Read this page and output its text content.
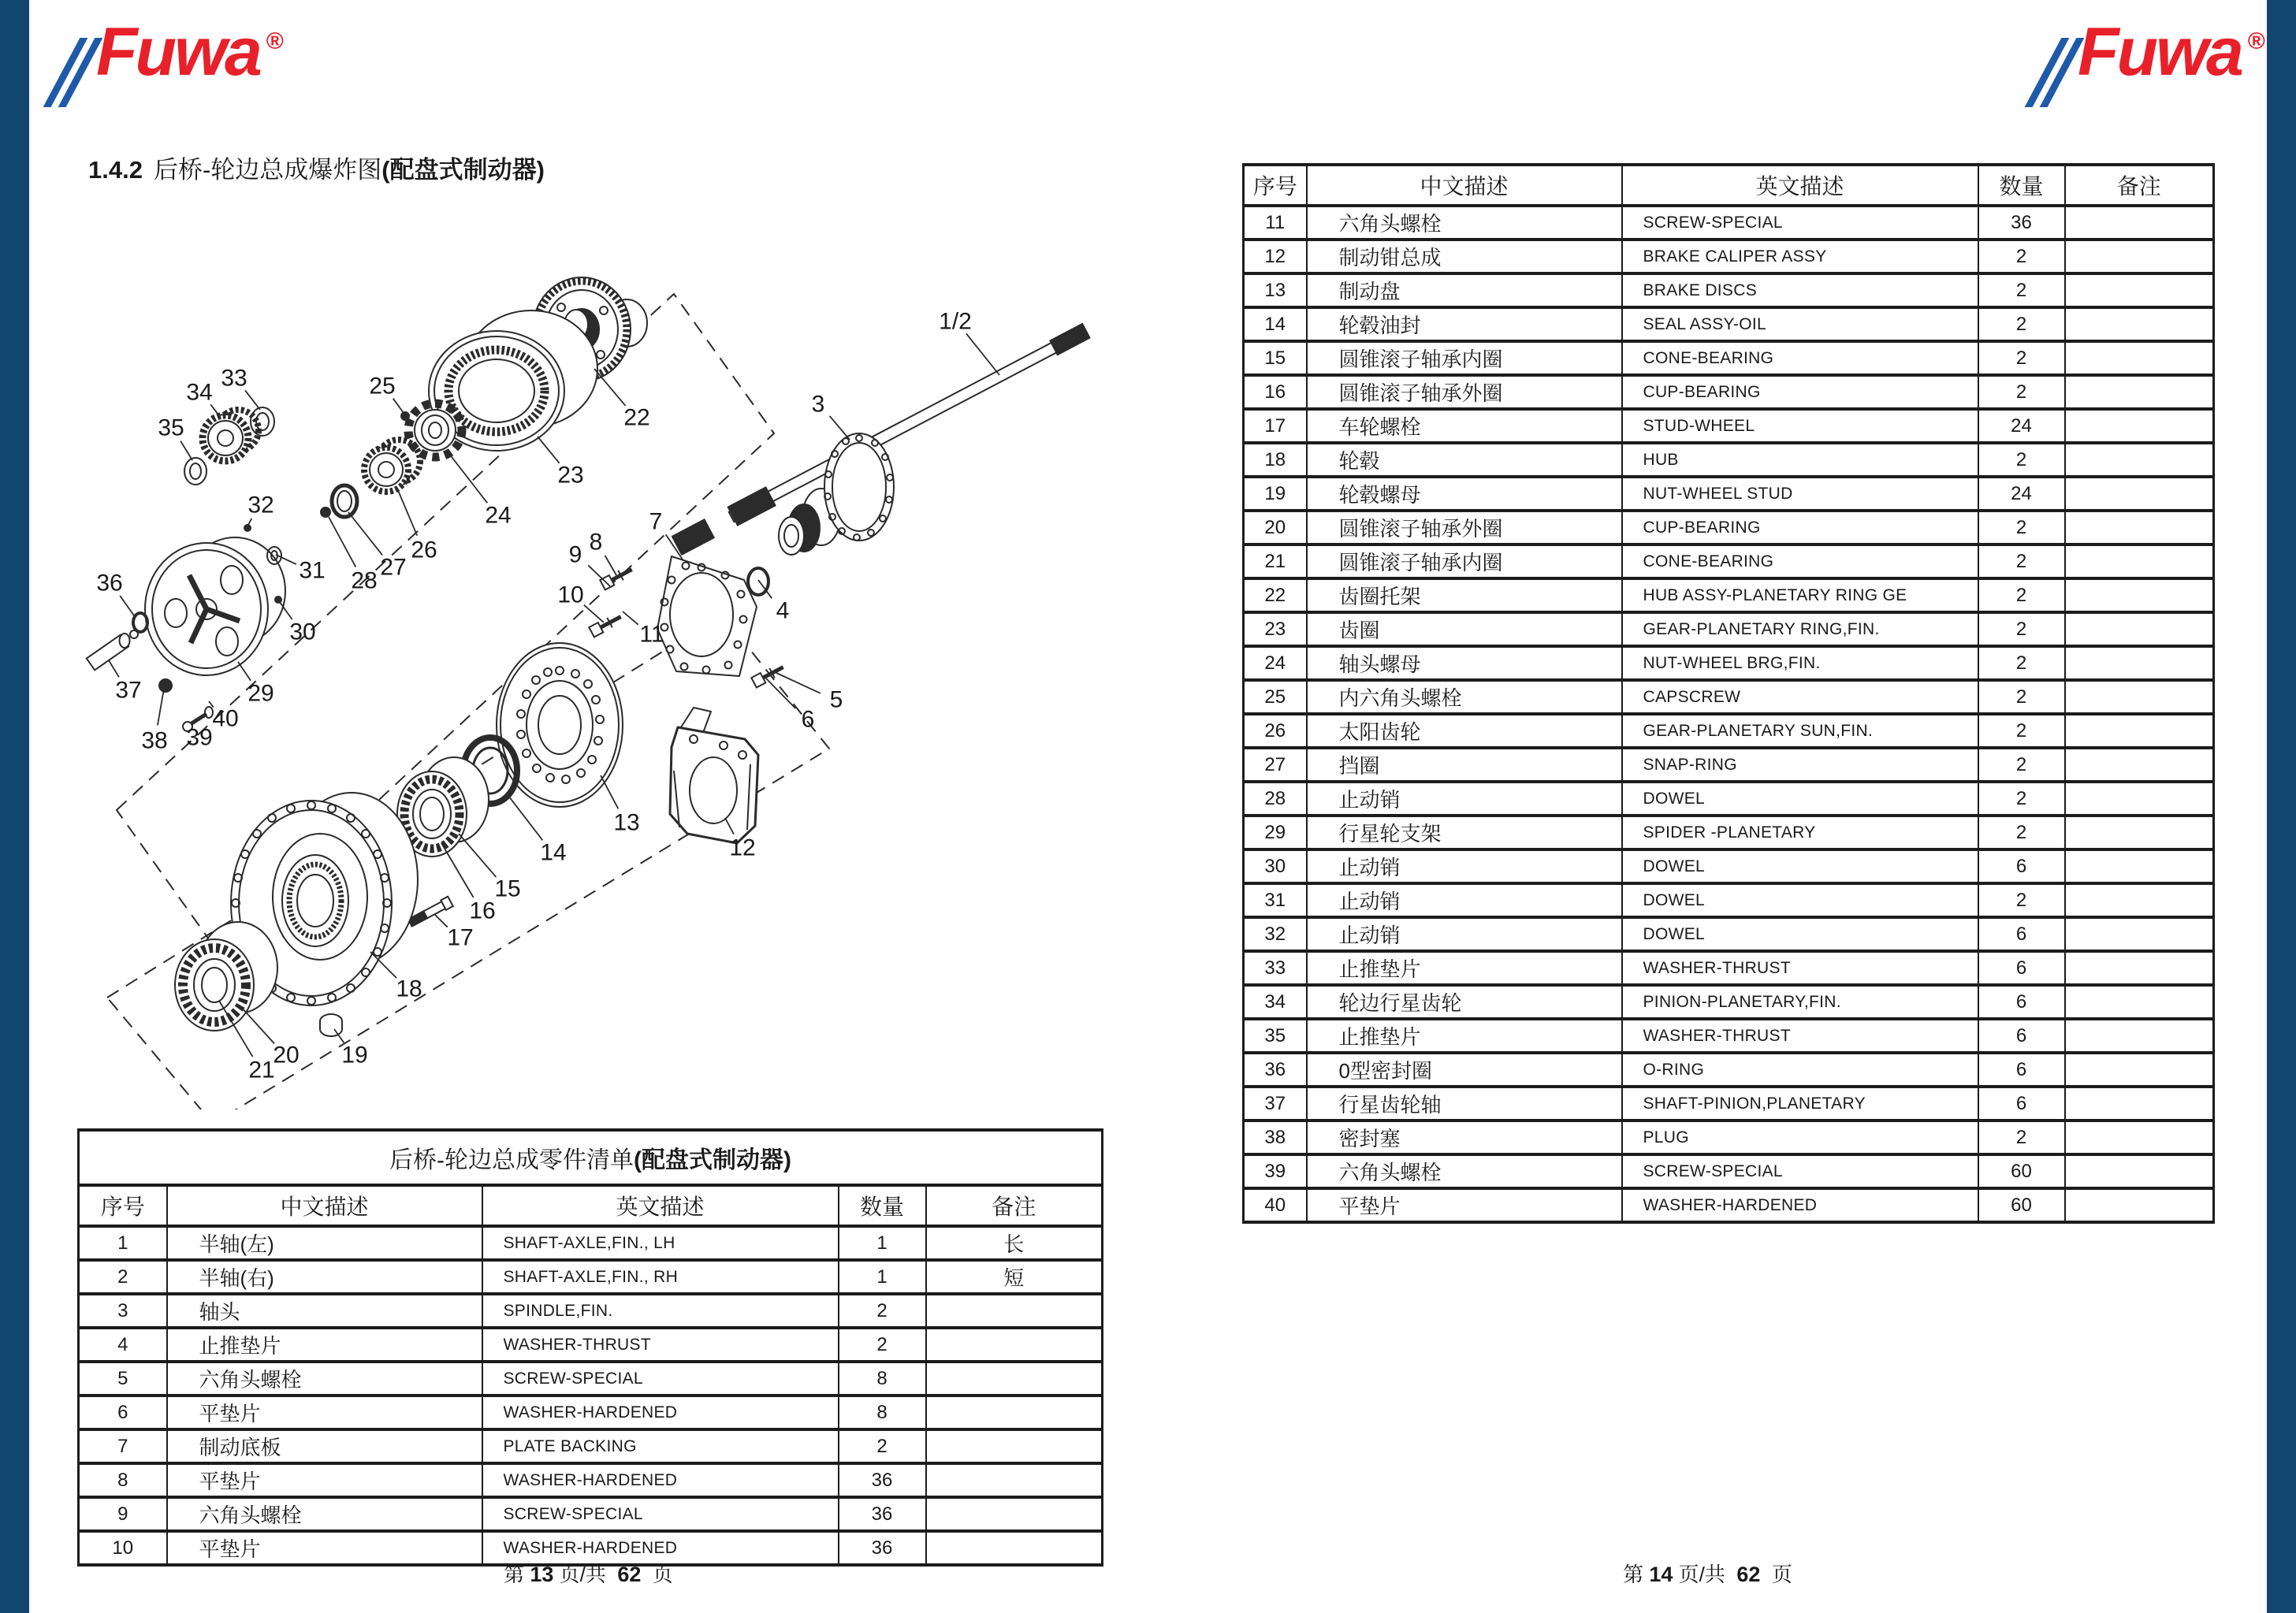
Fuwa ®	Fuwa ®
1.4.2 后桥-轮边总成爆炸图(配盘式制动器)
1/2
3
22
23
24
25
26
27
28
32
31
30
29
36
37
38 39
40
33
34
35
7
8
9
10
11
4
5
6
12
13
14
15
16
17
18
19
20
21
后桥-轮边总成零件清单(配盘式制动器)				
序号	中文描述	英文描述	数量	备注
1	半轴(左)	SHAFT-AXLE,FIN., LH	1	长
2	半轴(右)	SHAFT-AXLE,FIN., RH	1	短
3	轴头	SPINDLE,FIN.	2	
4	止推垫片	WASHER-THRUST	2	
5	六角头螺栓	SCREW-SPECIAL	8	
6	平垫片	WASHER-HARDENED	8	
7	制动底板	PLATE BACKING	2	
8	平垫片	WASHER-HARDENED	36	
9	六角头螺栓	SCREW-SPECIAL	36	
10	平垫片	WASHER-HARDENED	36	
序号	中文描述	英文描述	数量	备注
11	六角头螺栓	SCREW-SPECIAL	36	
12	制动钳总成	BRAKE CALIPER ASSY	2	
13	制动盘	BRAKE DISCS	2	
14	轮毂油封	SEAL ASSY-OIL	2	
15	圆锥滚子轴承内圈	CONE-BEARING	2	
16	圆锥滚子轴承外圈	CUP-BEARING	2	
17	车轮螺栓	STUD-WHEEL	24	
18	轮毂	HUB	2	
19	轮毂螺母	NUT-WHEEL STUD	24	
20	圆锥滚子轴承外圈	CUP-BEARING	2	
21	圆锥滚子轴承内圈	CONE-BEARING	2	
22	齿圈托架	HUB ASSY-PLANETARY RING GE	2	
23	齿圈	GEAR-PLANETARY RING,FIN.	2	
24	轴头螺母	NUT-WHEEL BRG,FIN.	2	
25	内六角头螺栓	CAPSCREW	2	
26	太阳齿轮	GEAR-PLANETARY SUN,FIN.	2	
27	挡圈	SNAP-RING	2	
28	止动销	DOWEL	2	
29	行星轮支架	SPIDER -PLANETARY	2	
30	止动销	DOWEL	6	
31	止动销	DOWEL	2	
32	止动销	DOWEL	6	
33	止推垫片	WASHER-THRUST	6	
34	轮边行星齿轮	PINION-PLANETARY,FIN.	6	
35	止推垫片	WASHER-THRUST	6	
36	0型密封圈	O-RING	6	
37	行星齿轮轴	SHAFT-PINION,PLANETARY	6	
38	密封塞	PLUG	2	
39	六角头螺栓	SCREW-SPECIAL	60	
40	平垫片	WASHER-HARDENED	60	
第 13 页/共 62 页	第 14 页/共 62 页
